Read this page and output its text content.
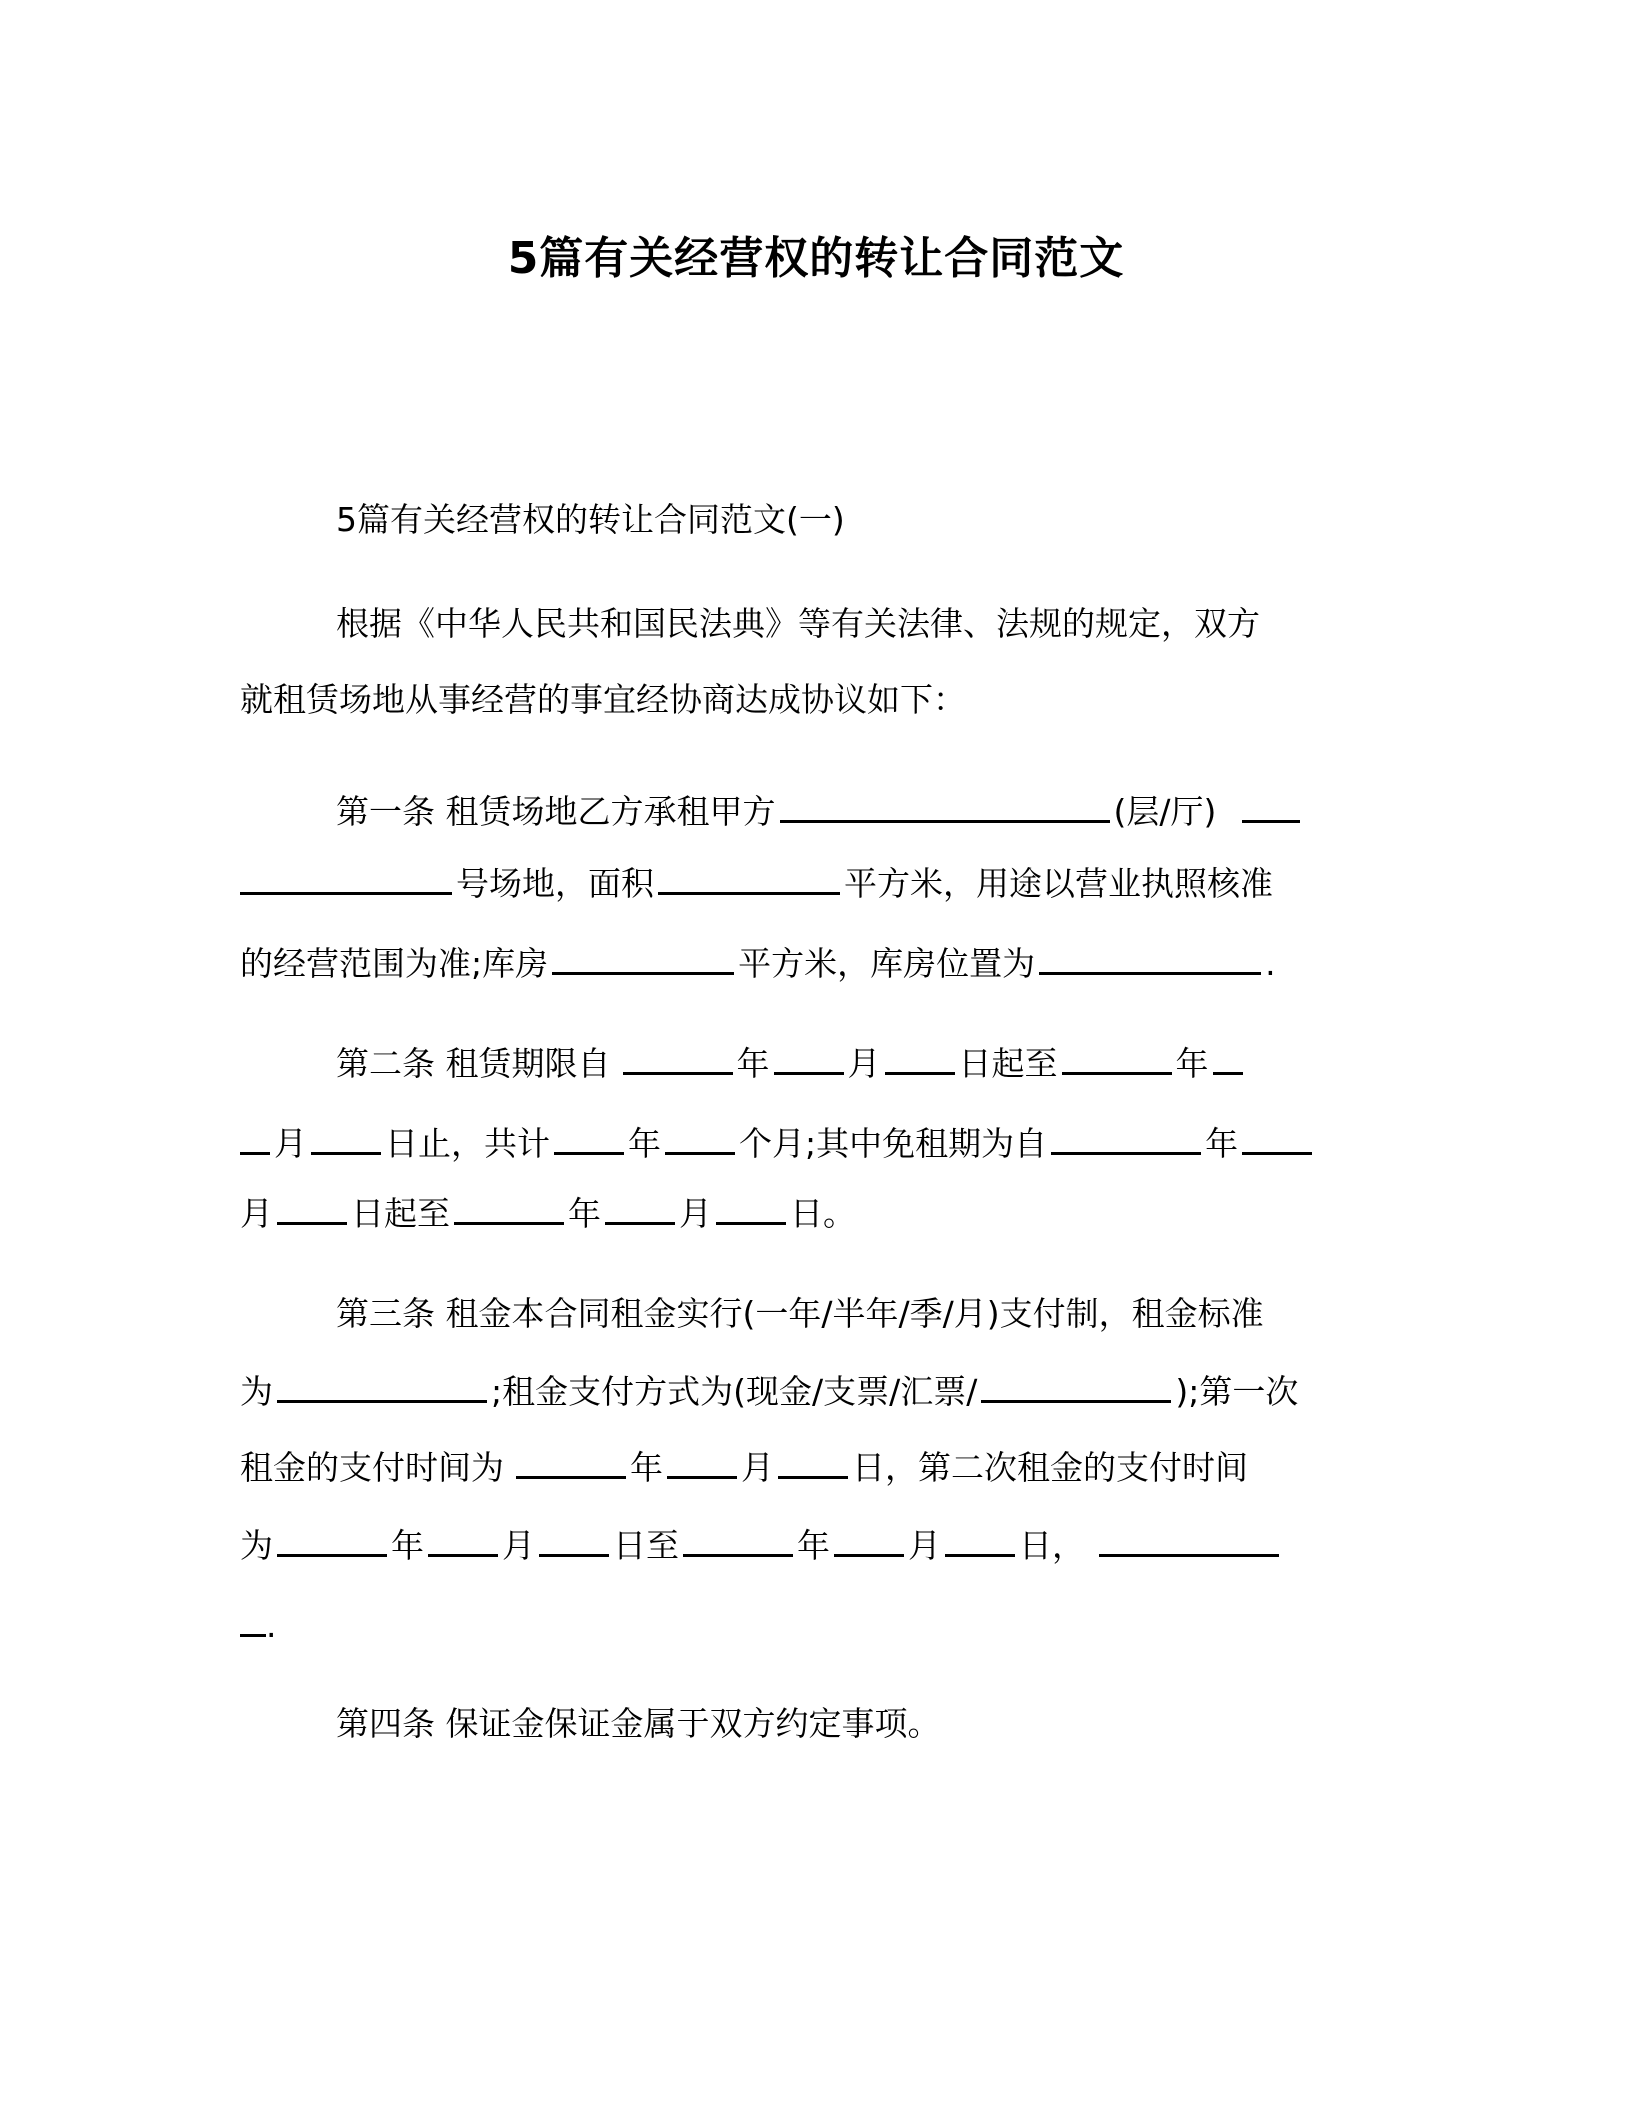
5篇有关经营权的转让合同范文
5篇有关经营权的转让合同范文(一)
根据《中华人民共和国民法典》等有关法律、法规的规定，双方
就租赁场地从事经营的事宜经协商达成协议如下：
第一条 租赁场地乙方承租甲方	(层/厅)
号场地，面积	平方米，用途以营业执照核准
的经营范围为准;库房	平方米，库房位置为	.
第二条 租赁期限自	年 月 日起至	年
月 日止，共计 年 个月;其中免租期为自	年
月 日起至	年 月 日。
第三条 租金本合同租金实行(一年/半年/季/月)支付制，租金标准
为	;租金支付方式为(现金/支票/汇票/	);第一次
租金的支付时间为	年 月 日，第二次租金的支付时间
为	年 月 日至	年 月 日，
.
第四条 保证金保证金属于双方约定事项。
